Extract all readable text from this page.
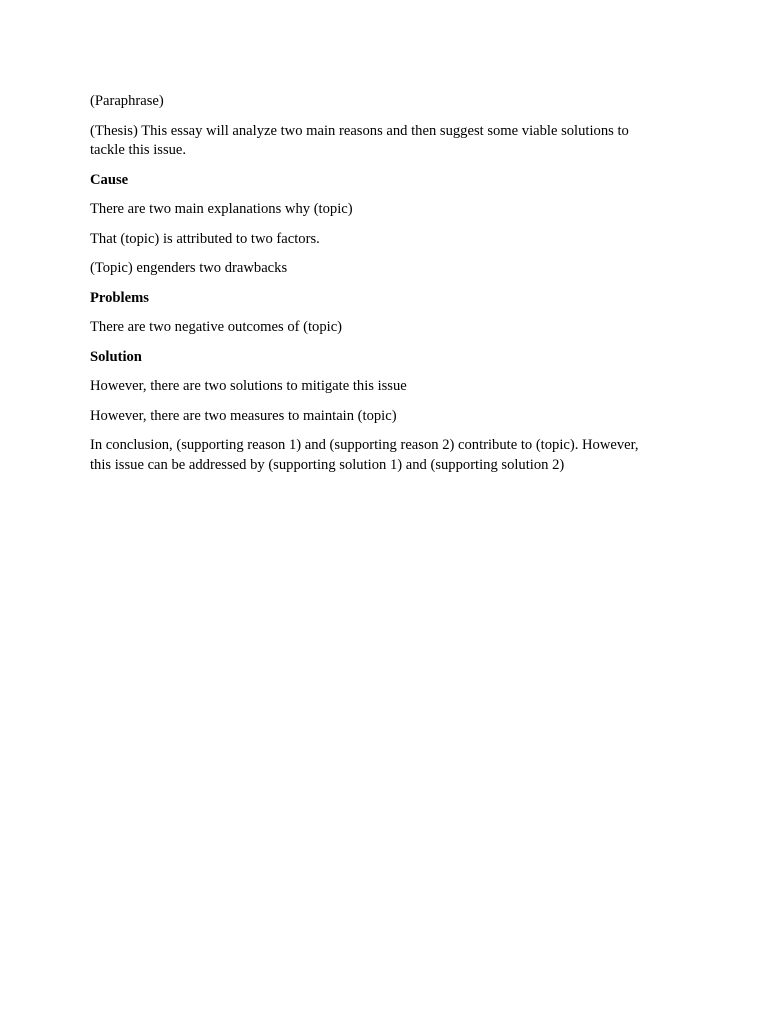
(Paraphrase)

(Thesis) This essay will analyze two main reasons and then suggest some viable solutions to tackle this issue.

Cause

There are two main explanations why (topic)

That (topic) is attributed to two factors.

(Topic) engenders two drawbacks

Problems

There are two negative outcomes of (topic)

Solution

However, there are two solutions to mitigate this issue

However, there are two measures to maintain (topic)

In conclusion, (supporting reason 1) and (supporting reason 2) contribute to (topic). However, this issue can be addressed by (supporting solution 1) and (supporting solution 2)
